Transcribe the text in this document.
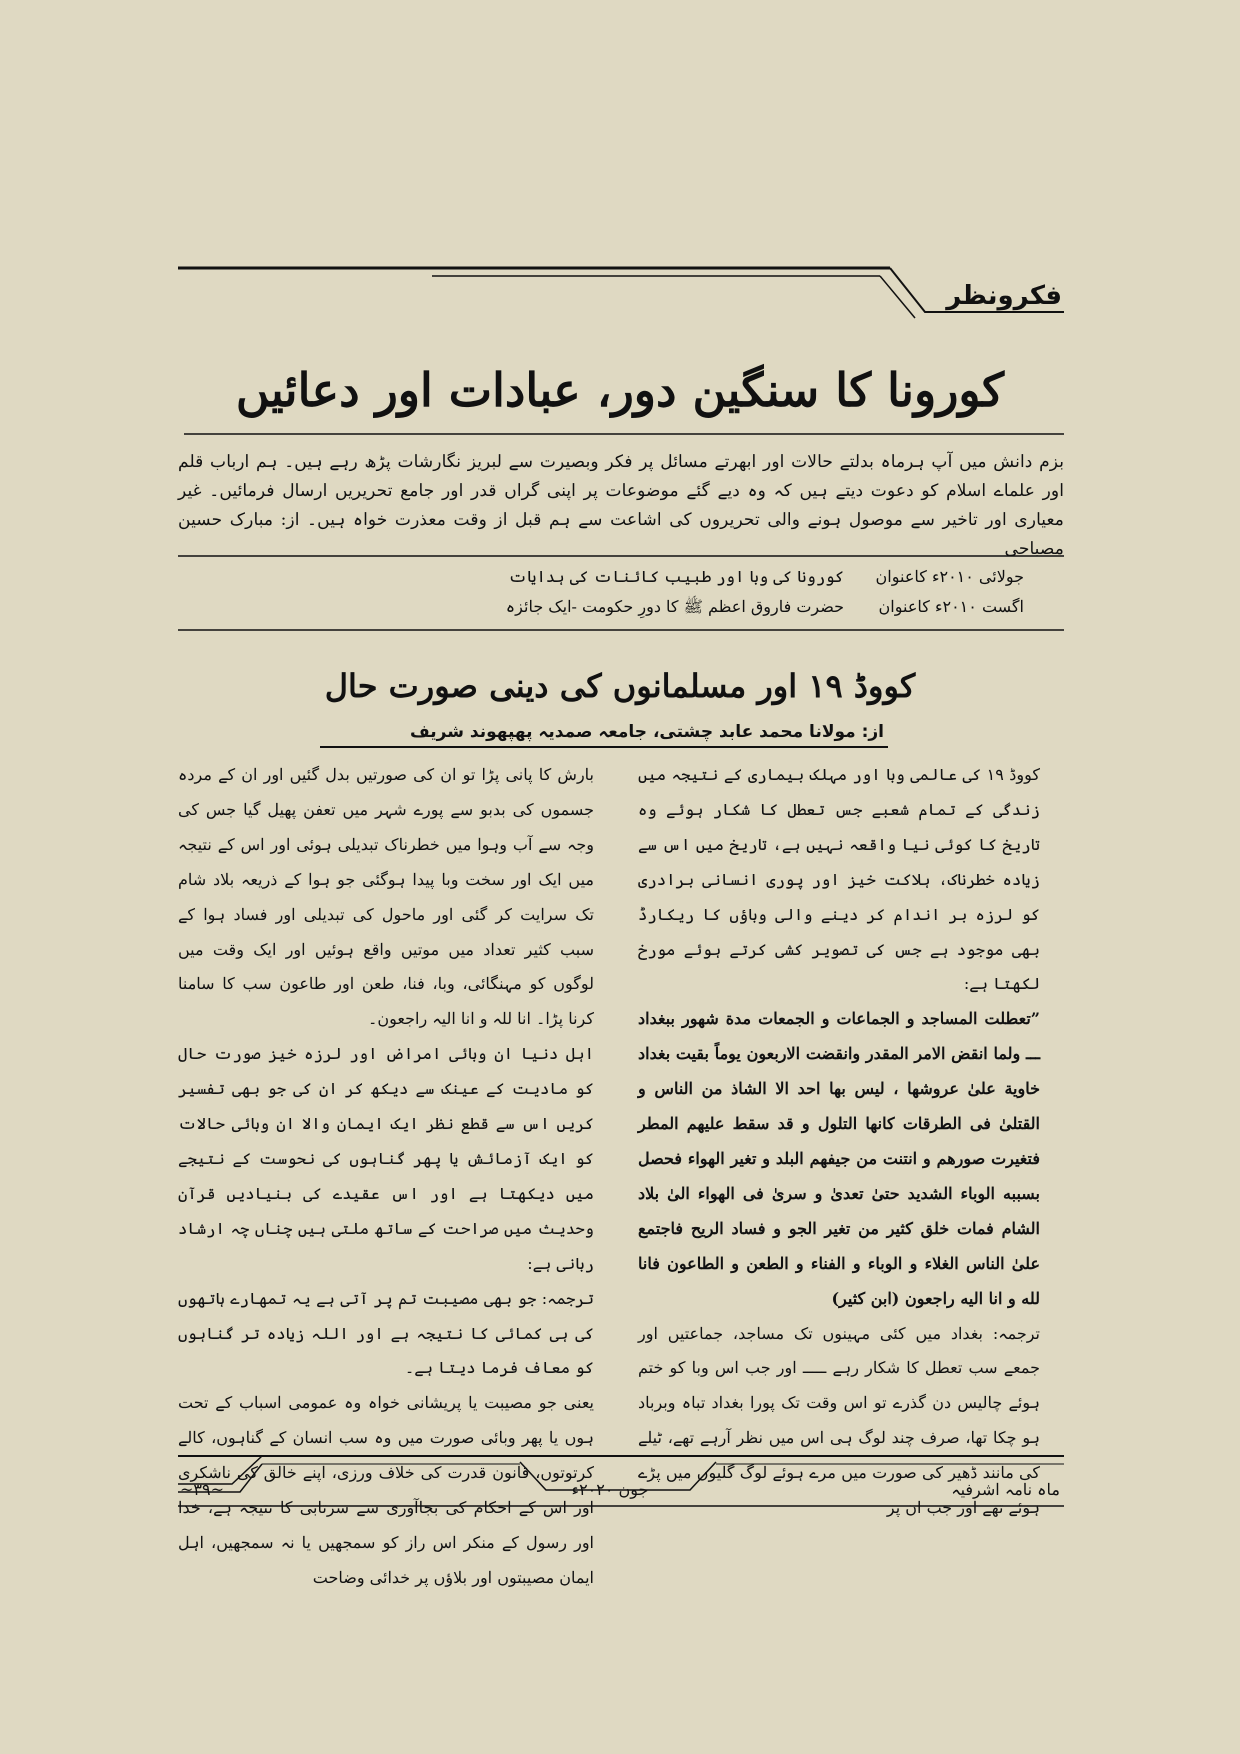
فکرونظر
کورونا کا سنگین دور، عبادات اور دعائیں
بزم دانش میں آپ ہرماہ بدلتے حالات اور ابھرتے مسائل پر فکر وبصیرت سے لبریز نگارشات پڑھ رہے ہیں۔ ہم ارباب قلم اور علماے اسلام کو دعوت دیتے ہیں کہ وہ دیے گئے موضوعات پر اپنی گراں قدر اور جامع تحریریں ارسال فرمائیں۔ غیر معیاری اور تاخیر سے موصول ہونے والی تحریروں کی اشاعت سے ہم قبل از وقت معذرت خواہ ہیں۔ از: مبارک حسین مصباحی
جولائی ۲۰۱۰ء کاعنوان
کورونا کی وبا اور طبیب کائنات کی ہدایات
اگست ۲۰۱۰ء کاعنوان
حضرت فاروق اعظم ﷺ کا دورِ حکومت -ایک جائزہ
کووڈ ۱۹ اور مسلمانوں کی دینی صورت حال
از: مولانا محمد عابد چشتی، جامعہ صمدیہ پھپھوند شریف

کووڈ ۱۹ کی عالمی وبا اور مہلک بیماری کے نتیجہ میں زندگی کے تمام شعبے جس تعطل کا شکار ہوئے وہ تاریخ کا کوئی نیا واقعہ نہیں ہے، تاریخ میں اس سے زیادہ خطرناک، ہلاکت خیز اور پوری انسانی برادری کو لرزہ بر اندام کر دینے والی وباؤں کا ریکارڈ بھی موجود ہے جس کی تصویر کشی کرتے ہوئے مورخ لکھتا ہے:

”تعطلت المساجد و الجماعات و الجمعات مدة شهور ببغداد ـــ ولما انقض الامر المقدر وانقضت الاربعون يوماً بقيت بغداد خاوية علىٰ عروشها ، ليس بها احد الا الشاذ من الناس و القتلىٰ فی الطرقات کانها التلول و قد سقط عليهم المطر فتغيرت صورهم و انتنت من جيفهم البلد و تغير الهواء فحصل بسببه الوباء الشديد حتیٰ تعدیٰ و سریٰ فی الهواء الیٰ بلاد الشام فمات خلق کثير من تغير الجو و فساد الريح فاجتمع علیٰ الناس الغلاء و الوباء و الفناء و الطعن و الطاعون فانا لله و انا اليه راجعون (ابن کثیر)

ترجمہ: بغداد میں کئی مہینوں تک مساجد، جماعتیں اور جمعے سب تعطل کا شکار رہے ـــــ اور جب اس وبا کو ختم ہوئے چالیس دن گذرے تو اس وقت تک پورا بغداد تباہ وبرباد ہو چکا تھا، صرف چند لوگ ہی اس میں نظر آرہے تھے، ٹیلے کی مانند ڈھیر کی صورت میں مرے ہوئے لوگ گلیوں میں پڑے ہوئے تھے اور جب ان پر

بارش کا پانی پڑا تو ان کی صورتیں بدل گئیں اور ان کے مردہ جسموں کی بدبو سے پورے شہر میں تعفن پھیل گیا جس کی وجہ سے آب وہوا میں خطرناک تبدیلی ہوئی اور اس کے نتیجہ میں ایک اور سخت وبا پیدا ہوگئی جو ہوا کے ذریعہ بلاد شام تک سرایت کر گئی اور ماحول کی تبدیلی اور فساد ہوا کے سبب کثیر تعداد میں موتیں واقع ہوئیں اور ایک وقت میں لوگوں کو مہنگائی، وبا، فنا، طعن اور طاعون سب کا سامنا کرنا پڑا۔ انا للہ و انا الیہ راجعون۔

اہل دنیا ان وبائی امراض اور لرزہ خیز صورت حال کو مادیت کے عینک سے دیکھ کر ان کی جو بھی تفسیر کریں اس سے قطع نظر ایک ایمان والا ان وبائی حالات کو ایک آزمائش یا پھر گناہوں کی نحوست کے نتیجے میں دیکھتا ہے اور اس عقیدے کی بنیادیں قرآن وحدیث میں صراحت کے ساتھ ملتی ہیں چناں چہ ارشاد ربانی ہے:

ترجمہ: جو بھی مصیبت تم پر آتی ہے یہ تمھارے ہاتھوں کی ہی کمائی کا نتیجہ ہے اور اللہ زیادہ تر گناہوں کو معاف فرما دیتا ہے۔

یعنی جو مصیبت یا پریشانی خواہ وہ عمومی اسباب کے تحت ہوں یا پھر وبائی صورت میں وہ سب انسان کے گناہوں، کالے کرتوتوں، قانون قدرت کی خلاف ورزی، اپنے خالق کی ناشکری اور اس کے احکام کی بجاآوری سے سرتابی کا نتیجہ ہے، خدا اور رسول کے منکر اس راز کو سمجھیں یا نہ سمجھیں، اہل ایمان مصیبتوں اور بلاؤں پر خدائی وضاحت

~۳۹~	جون ۲۰۲۰ء	ماہ نامہ اشرفیہ
